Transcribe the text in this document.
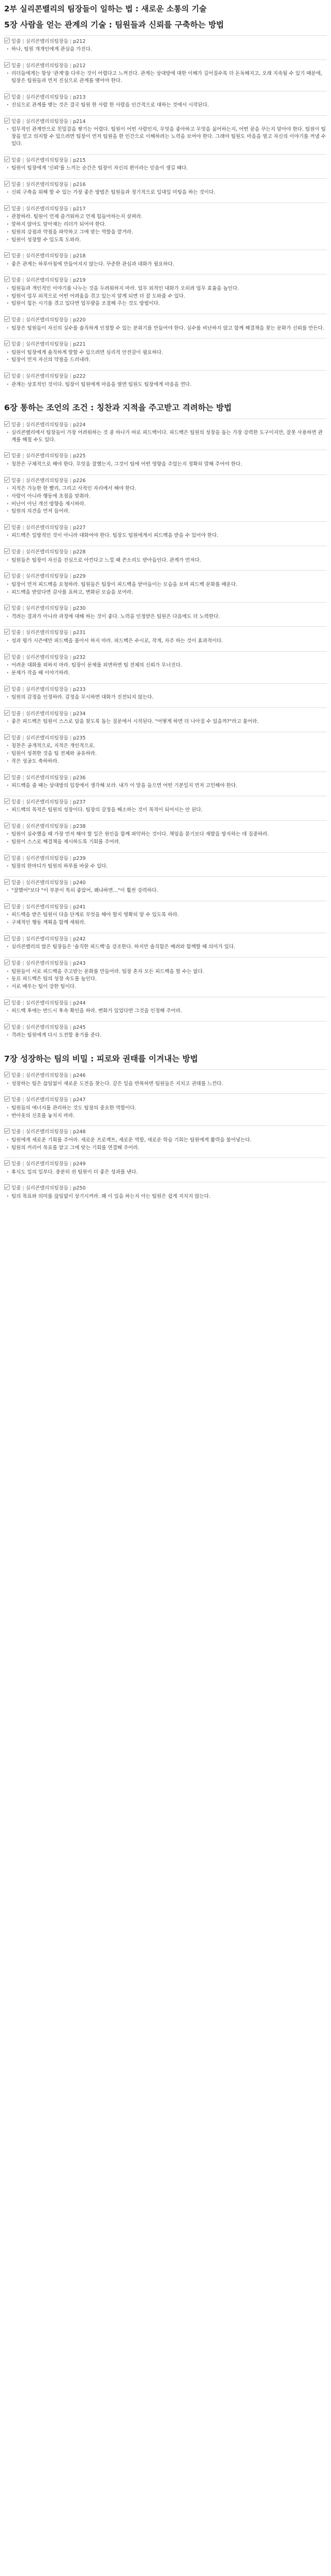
2부 실리콘밸리의 팀장들이 일하는 법 : 새로운 소통의 기술
5장 사람을 얻는 관계의 기술 : 팀원들과 신뢰를 구축하는 방법
밑줄 | 실리콘밸리의팀장들 | p212
· 하나, 팀원 개개인에게 관심을 가진다.
밑줄 | 실리콘밸리의팀장들 | p212
· 리더들에게는 항상 '관계'를 다루는 것이 어렵다고 느껴진다. 관계는 상대방에 대한 이해가 깊어질수록 더 돈독해지고, 오래 지속될 수 있기 때문에, 팀장은 팀원들과 먼저 진심으로 관계를 맺어야 한다.
밑줄 | 실리콘밸리의팀장들 | p213
· 진심으로 관계를 맺는 것은 결국 팀원 한 사람 한 사람을 인간적으로 대하는 것에서 시작된다.
밑줄 | 실리콘밸리의팀장들 | p214
· 업무적인 관계만으로 친밀감을 쌓기는 어렵다. 팀원이 어떤 사람인지, 무엇을 좋아하고 무엇을 싫어하는지, 어떤 꿈을 꾸는지 알아야 한다. 팀원이 팀장을 믿고 의지할 수 있으려면 팀장이 먼저 팀원을 한 인간으로 이해하려는 노력을 보여야 한다. 그래야 팀원도 마음을 열고 자신의 이야기를 꺼낼 수 있다.
밑줄 | 실리콘밸리의팀장들 | p215
· 팀원이 팀장에게 '신뢰'를 느끼는 순간은 팀장이 자신의 편이라는 믿음이 생길 때다.
밑줄 | 실리콘밸리의팀장들 | p216
· 신뢰 구축을 위해 할 수 있는 가장 좋은 방법은 팀원들과 정기적으로 일대일 미팅을 하는 것이다.
밑줄 | 실리콘밸리의팀장들 | p217
· 관찰하라. 팀원이 언제 즐거워하고 언제 힘들어하는지 살펴라.
· 말하지 않아도 알아채는 리더가 되어야 한다.
· 팀원의 강점과 약점을 파악하고 그에 맞는 역할을 맡겨라.
· 팀원이 성장할 수 있도록 도와라.
밑줄 | 실리콘밸리의팀장들 | p218
· 좋은 관계는 하루아침에 만들어지지 않는다. 꾸준한 관심과 대화가 필요하다.
밑줄 | 실리콘밸리의팀장들 | p219
· 팀원들과 개인적인 이야기를 나누는 것을 두려워하지 마라. 업무 외적인 대화가 오히려 업무 효율을 높인다.
· 팀원이 업무 외적으로 어떤 어려움을 겪고 있는지 알게 되면 더 잘 도와줄 수 있다.
· 팀원이 힘든 시기를 겪고 있다면 업무량을 조절해 주는 것도 방법이다.
밑줄 | 실리콘밸리의팀장들 | p220
· 팀장은 팀원들이 자신의 실수를 솔직하게 인정할 수 있는 분위기를 만들어야 한다. 실수를 비난하지 않고 함께 해결책을 찾는 문화가 신뢰를 만든다.
밑줄 | 실리콘밸리의팀장들 | p221
· 팀원이 팀장에게 솔직하게 말할 수 있으려면 심리적 안전감이 필요하다.
· 팀장이 먼저 자신의 약점을 드러내라.
밑줄 | 실리콘밸리의팀장들 | p222
· 관계는 상호적인 것이다. 팀장이 팀원에게 마음을 열면 팀원도 팀장에게 마음을 연다.
6장 통하는 조언의 조건 : 칭찬과 지적을 주고받고 격려하는 방법
밑줄 | 실리콘밸리의팀장들 | p224
· 실리콘밸리에서 팀장들이 가장 어려워하는 것 중 하나가 바로 피드백이다. 피드백은 팀원의 성장을 돕는 가장 강력한 도구이지만, 잘못 사용하면 관계를 해칠 수도 있다.
밑줄 | 실리콘밸리의팀장들 | p225
· 칭찬은 구체적으로 해야 한다. 무엇을 잘했는지, 그것이 팀에 어떤 영향을 주었는지 정확히 말해 주어야 한다.
밑줄 | 실리콘밸리의팀장들 | p226
· 지적은 가능한 한 빨리, 그리고 사적인 자리에서 해야 한다.
· 사람이 아니라 행동에 초점을 맞춰라.
· 비난이 아닌 개선 방향을 제시하라.
· 팀원의 의견을 먼저 들어라.
밑줄 | 실리콘밸리의팀장들 | p227
· 피드백은 일방적인 것이 아니라 대화여야 한다. 팀장도 팀원에게서 피드백을 받을 수 있어야 한다.
밑줄 | 실리콘밸리의팀장들 | p228
· 팀원들은 팀장이 자신을 진심으로 아낀다고 느낄 때 쓴소리도 받아들인다. 관계가 먼저다.
밑줄 | 실리콘밸리의팀장들 | p229
· 팀장이 먼저 피드백을 요청하라. 팀원들은 팀장이 피드백을 받아들이는 모습을 보며 피드백 문화를 배운다.
· 피드백을 받았다면 감사를 표하고, 변화된 모습을 보여라.
밑줄 | 실리콘밸리의팀장들 | p230
· 격려는 결과가 아니라 과정에 대해 하는 것이 좋다. 노력을 인정받은 팀원은 다음에도 더 노력한다.
밑줄 | 실리콘밸리의팀장들 | p231
· 성과 평가 시즌에만 피드백을 몰아서 하지 마라. 피드백은 수시로, 작게, 자주 하는 것이 효과적이다.
밑줄 | 실리콘밸리의팀장들 | p232
· 어려운 대화를 피하지 마라. 팀장이 문제를 외면하면 팀 전체의 신뢰가 무너진다.
· 문제가 작을 때 이야기하라.
밑줄 | 실리콘밸리의팀장들 | p233
· 팀원의 감정을 인정하라. 감정을 무시하면 대화가 진전되지 않는다.
밑줄 | 실리콘밸리의팀장들 | p234
· 좋은 피드백은 팀원이 스스로 답을 찾도록 돕는 질문에서 시작된다. "어떻게 하면 더 나아질 수 있을까?"라고 물어라.
밑줄 | 실리콘밸리의팀장들 | p235
· 칭찬은 공개적으로, 지적은 개인적으로.
· 팀원이 성취한 것을 팀 전체와 공유하라.
· 작은 성공도 축하하라.
밑줄 | 실리콘밸리의팀장들 | p236
· 피드백을 줄 때는 상대방의 입장에서 생각해 보라. 내가 이 말을 들으면 어떤 기분일지 먼저 고민해야 한다.
밑줄 | 실리콘밸리의팀장들 | p237
· 피드백의 목적은 팀원의 성장이다. 팀장의 감정을 해소하는 것이 목적이 되어서는 안 된다.
밑줄 | 실리콘밸리의팀장들 | p238
· 팀원이 실수했을 때 가장 먼저 해야 할 일은 원인을 함께 파악하는 것이다. 책임을 묻기보다 재발을 방지하는 데 집중하라.
· 팀원이 스스로 해결책을 제시하도록 기회를 주어라.
밑줄 | 실리콘밸리의팀장들 | p239
· 팀장의 한마디가 팀원의 하루를 바꿀 수 있다.
밑줄 | 실리콘밸리의팀장들 | p240
· "잘했어"보다 "이 부분이 특히 좋았어, 왜냐하면…"이 훨씬 강력하다.
밑줄 | 실리콘밸리의팀장들 | p241
· 피드백을 받은 팀원이 다음 단계로 무엇을 해야 할지 명확히 알 수 있도록 하라.
· 구체적인 행동 계획을 함께 세워라.
밑줄 | 실리콘밸리의팀장들 | p242
· 실리콘밸리의 많은 팀장들은 '솔직한 피드백'을 강조한다. 하지만 솔직함은 배려와 함께할 때 의미가 있다.
밑줄 | 실리콘밸리의팀장들 | p243
· 팀원들이 서로 피드백을 주고받는 문화를 만들어라. 팀장 혼자 모든 피드백을 할 수는 없다.
· 동료 피드백은 팀의 성장 속도를 높인다.
· 서로 배우는 팀이 강한 팀이다.
밑줄 | 실리콘밸리의팀장들 | p244
· 피드백 후에는 반드시 후속 확인을 하라. 변화가 있었다면 그것을 인정해 주어라.
밑줄 | 실리콘밸리의팀장들 | p245
· 격려는 팀원에게 다시 도전할 용기를 준다.
7장 성장하는 팀의 비밀 : 피로와 권태를 이겨내는 방법
밑줄 | 실리콘밸리의팀장들 | p246
· 성장하는 팀은 끊임없이 새로운 도전을 찾는다. 같은 일을 반복하면 팀원들은 지치고 권태를 느낀다.
밑줄 | 실리콘밸리의팀장들 | p247
· 팀원들의 에너지를 관리하는 것도 팀장의 중요한 역할이다.
· 번아웃의 신호를 놓치지 마라.
밑줄 | 실리콘밸리의팀장들 | p248
· 팀원에게 새로운 기회를 주어라. 새로운 프로젝트, 새로운 역할, 새로운 학습 기회는 팀원에게 활력을 불어넣는다.
· 팀원의 커리어 목표를 알고 그에 맞는 기회를 연결해 주어라.
밑줄 | 실리콘밸리의팀장들 | p249
· 휴식도 일의 일부다. 충분히 쉰 팀원이 더 좋은 성과를 낸다.
밑줄 | 실리콘밸리의팀장들 | p250
· 팀의 목표와 의미를 끊임없이 상기시켜라. 왜 이 일을 하는지 아는 팀원은 쉽게 지치지 않는다.
